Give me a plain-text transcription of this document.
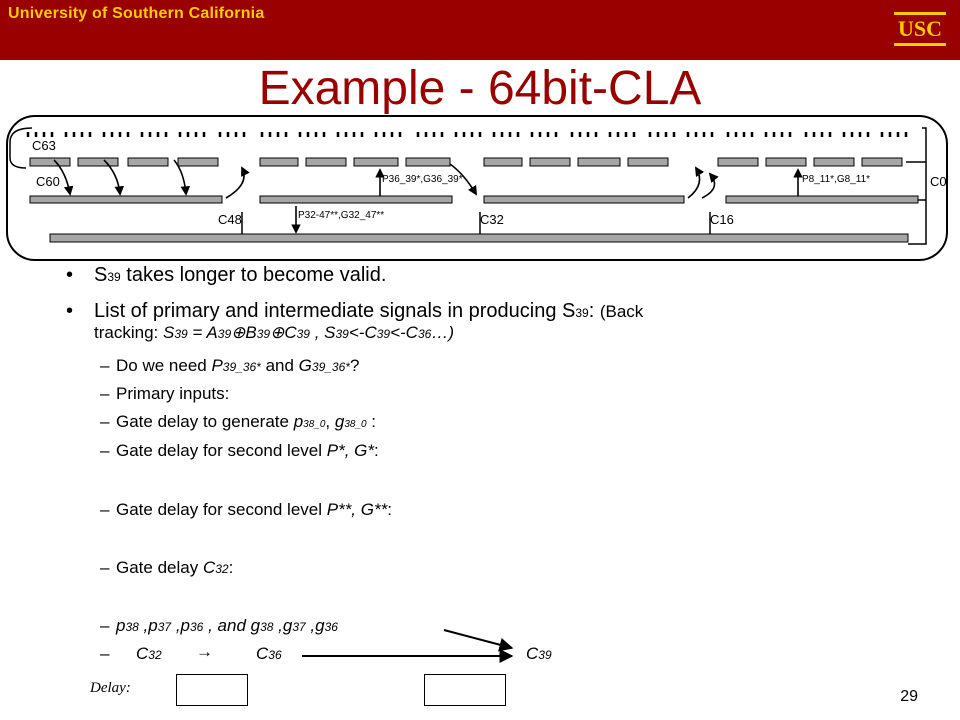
University of Southern California
USC
Example - 64bit-CLA
C63
C60
C48	C32	C16
C0
P36_39*,G36_39*	P8_11*,G8_11*
P32-47**,G32_47**
• S39 takes longer to become valid.
• List of primary and intermediate signals in producing S39: (Back
tracking: S39 = A39⊕B39⊕C39 , S39<-C39<-C36…)
– Do we need P39_36* and G39_36*?
– Primary inputs:
– Gate delay to generate p38_0, g38_0 :
– Gate delay for second level P*, G*:
– Gate delay for second level P**, G**:
– Gate delay C32:
– p38 ,p37 ,p36 , and g38 ,g37 ,g36
– C32 →	C36	C39
Delay:	29
